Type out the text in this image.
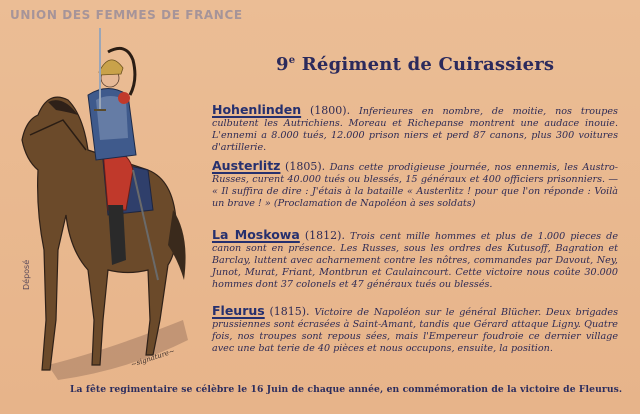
UNION DES FEMMES DE FRANCE
9e Régiment de Cuirassiers
~signature~
Déposé
Hohenlinden (1800). Inferieures en nombre, de moitie, nos troupes culbutent les Autrichiens. Moreau et Richepanse montrent une audace inouie. L'ennemi a 8.000 tués, 12.000 prison niers et perd 87 canons, plus 300 voitures d'artillerie.
Austerlitz (1805). Dans cette prodigieuse journée, nos ennemis, les Austro-Russes, curent 40.000 tués ou blessés, 15 généraux et 400 officiers prisonniers. — « Il suffira de dire : J'étais à la bataille « Austerlitz ! pour que l'on réponde : Voilà un brave ! » (Proclamation de Napoléon à ses soldats)
La Moskowa (1812). Trois cent mille hommes et plus de 1.000 pieces de canon sont en présence. Les Russes, sous les ordres des Kutusoff, Bagration et Barclay, luttent avec acharnement contre les nôtres, commandes par Davout, Ney, Junot, Murat, Friant, Montbrun et Caulaincourt. Cette victoire nous coûte 30.000 hommes dont 37 colonels et 47 généraux tués ou blessés.
Fleurus (1815). Victoire de Napoléon sur le général Blücher. Deux brigades prussiennes sont écrasées à Saint-Amant, tandis que Gérard attaque Ligny. Quatre fois, nos troupes sont repous sées, mais l'Empereur foudroie ce dernier village avec une bat terie de 40 pièces et nous occupons, ensuite, la position.
La fête regimentaire se célèbre le 16 Juin de chaque année, en commémoration de la victoire de Fleurus.
